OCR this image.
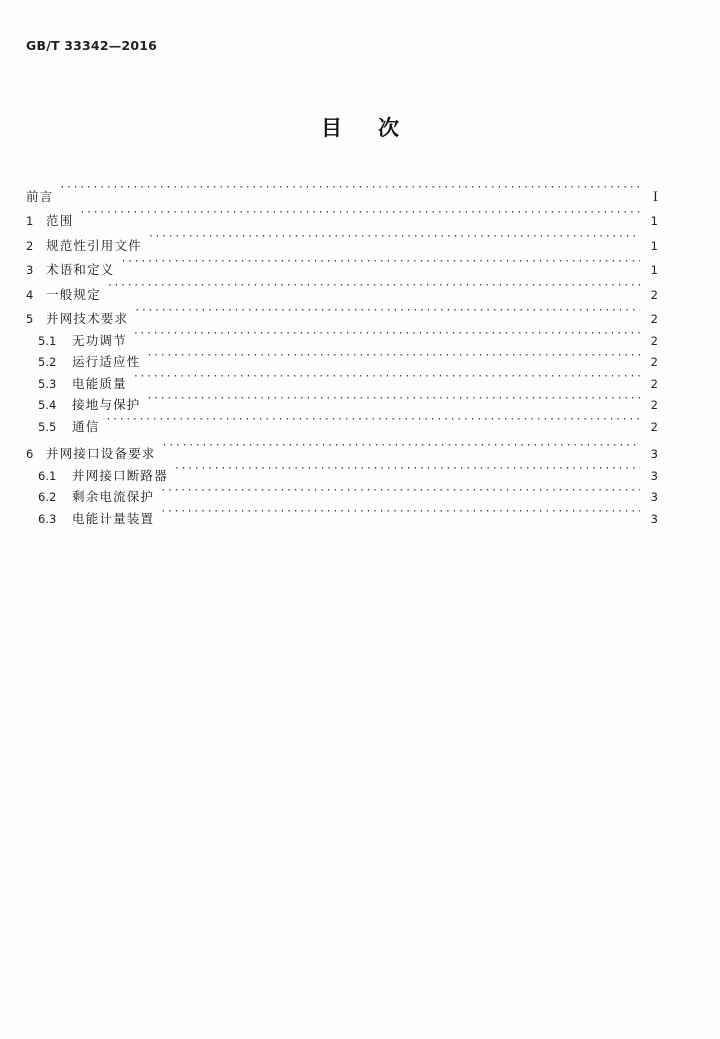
GB/T 33342—2016
目次
前言 ·····	I
1	范围 ·····	1
2	规范性引用文件 ·····	1
3	术语和定义 ·····	1
4	一般规定 ·····	2
5	并网技术要求 ·····	2
5.1	无功调节 ·····	2
5.2	运行适应性 ·····	2
5.3	电能质量 ·····	2
5.4	接地与保护 ·····	2
5.5	通信 ·····	2
6	并网接口设备要求 ·····	3
6.1	并网接口断路器 ·····	3
6.2	剩余电流保护 ·····	3
6.3	电能计量装置 ·····	3
